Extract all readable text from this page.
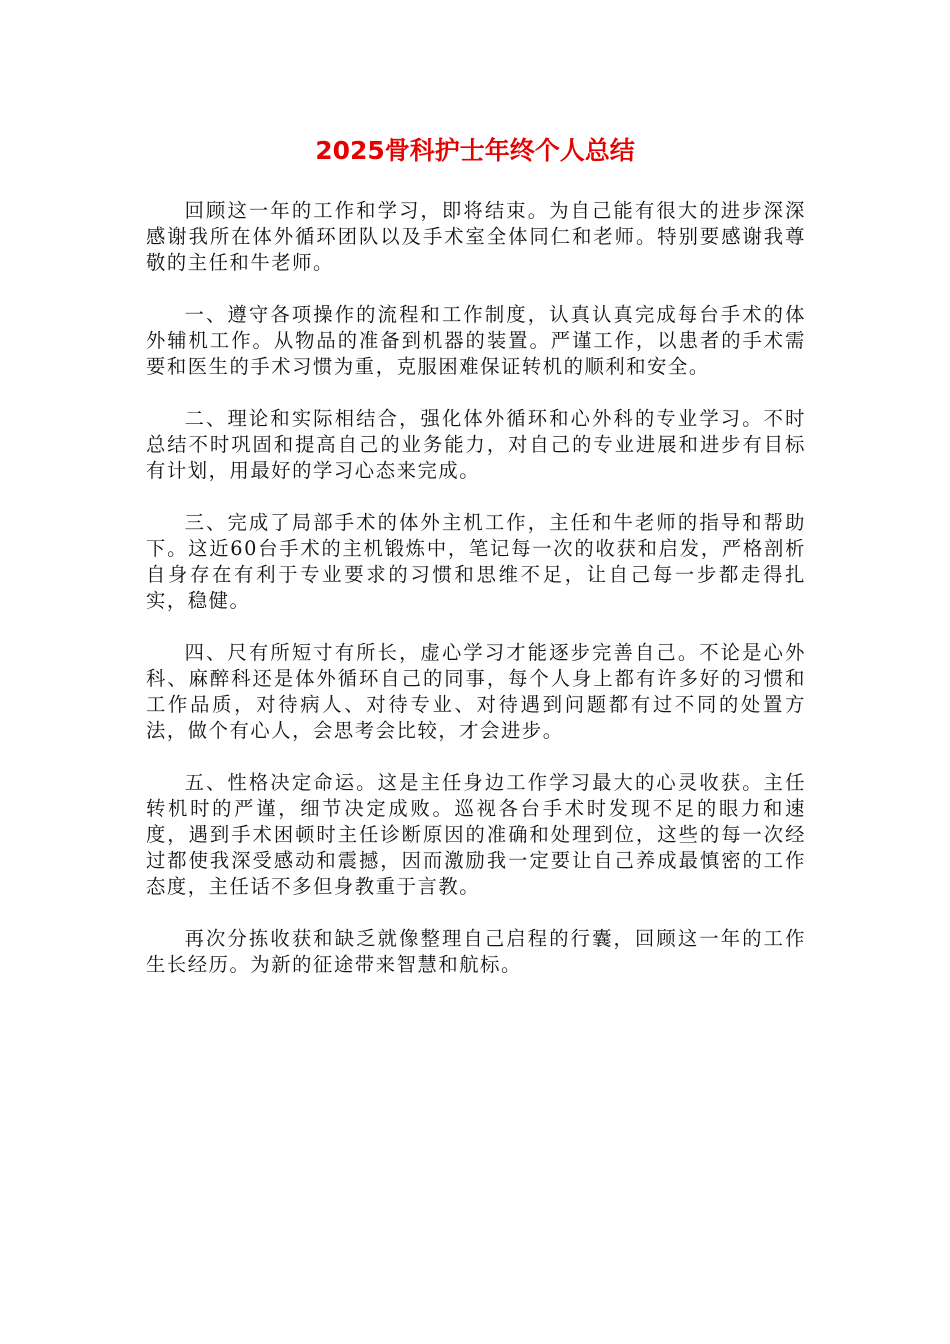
2025骨科护士年终个人总结

回顾这一年的工作和学习，即将结束。为自己能有很大的进步深深感谢我所在体外循环团队以及手术室全体同仁和老师。特别要感谢我尊敬的主任和牛老师。

一、遵守各项操作的流程和工作制度，认真认真完成每台手术的体外辅机工作。从物品的准备到机器的装置。严谨工作，以患者的手术需要和医生的手术习惯为重，克服困难保证转机的顺利和安全。

二、理论和实际相结合，强化体外循环和心外科的专业学习。不时总结不时巩固和提高自己的业务能力，对自己的专业进展和进步有目标有计划，用最好的学习心态来完成。

三、完成了局部手术的体外主机工作，主任和牛老师的指导和帮助下。这近60台手术的主机锻炼中，笔记每一次的收获和启发，严格剖析自身存在有利于专业要求的习惯和思维不足，让自己每一步都走得扎实，稳健。

四、尺有所短寸有所长，虚心学习才能逐步完善自己。不论是心外科、麻醉科还是体外循环自己的同事，每个人身上都有许多好的习惯和工作品质，对待病人、对待专业、对待遇到问题都有过不同的处置方法，做个有心人，会思考会比较，才会进步。

五、性格决定命运。这是主任身边工作学习最大的心灵收获。主任转机时的严谨，细节决定成败。巡视各台手术时发现不足的眼力和速度，遇到手术困顿时主任诊断原因的准确和处理到位，这些的每一次经过都使我深受感动和震撼，因而激励我一定要让自己养成最慎密的工作态度，主任话不多但身教重于言教。

再次分拣收获和缺乏就像整理自己启程的行囊，回顾这一年的工作生长经历。为新的征途带来智慧和航标。
